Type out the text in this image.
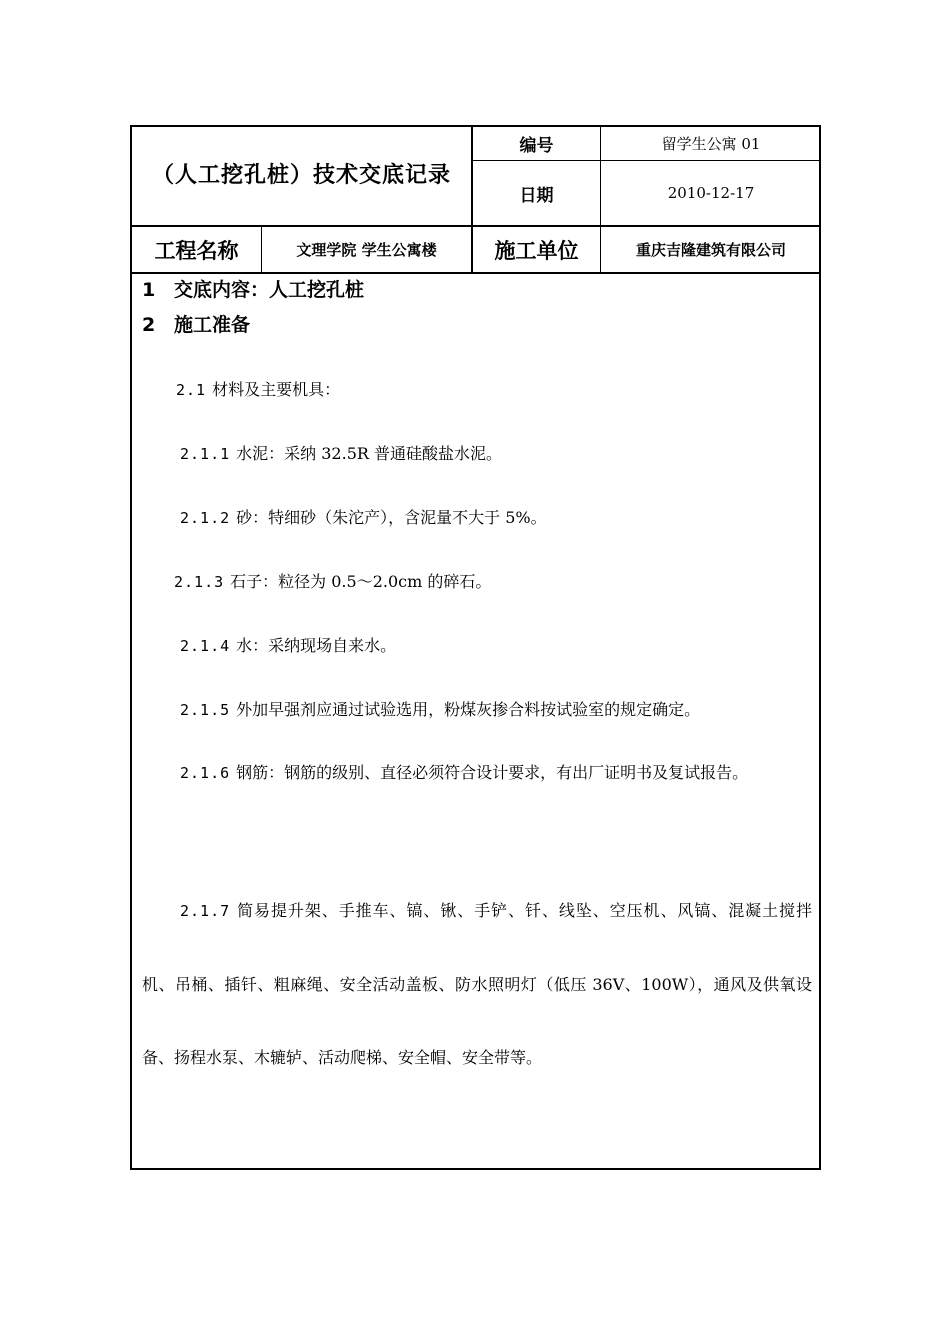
（人工挖孔桩）技术交底记录
编号	留学生公寓 01
日期	2010-12-17
工程名称	文理学院 学生公寓楼	施工单位	重庆吉隆建筑有限公司
1 交底内容：人工挖孔桩
2 施工准备
2.1 材料及主要机具：
2.1.1 水泥：采纳 32.5R 普通硅酸盐水泥。
2.1.2 砂：特细砂（朱沱产），含泥量不大于 5%。
2.1.3 石子：粒径为 0.5～2.0cm 的碎石。
2.1.4 水：采纳现场自来水。
2.1.5 外加早强剂应通过试验选用，粉煤灰掺合料按试验室的规定确定。
2.1.6 钢筋：钢筋的级别、直径必须符合设计要求，有出厂证明书及复试报告。
2.1.7 简易提升架、手推车、镐、锹、手铲、钎、线坠、空压机、风镐、混凝土搅拌机、吊桶、插钎、粗麻绳、安全活动盖板、防水照明灯（低压 36V、100W），通风及供氧设备、扬程水泵、木辘轳、活动爬梯、安全帽、安全带等。
